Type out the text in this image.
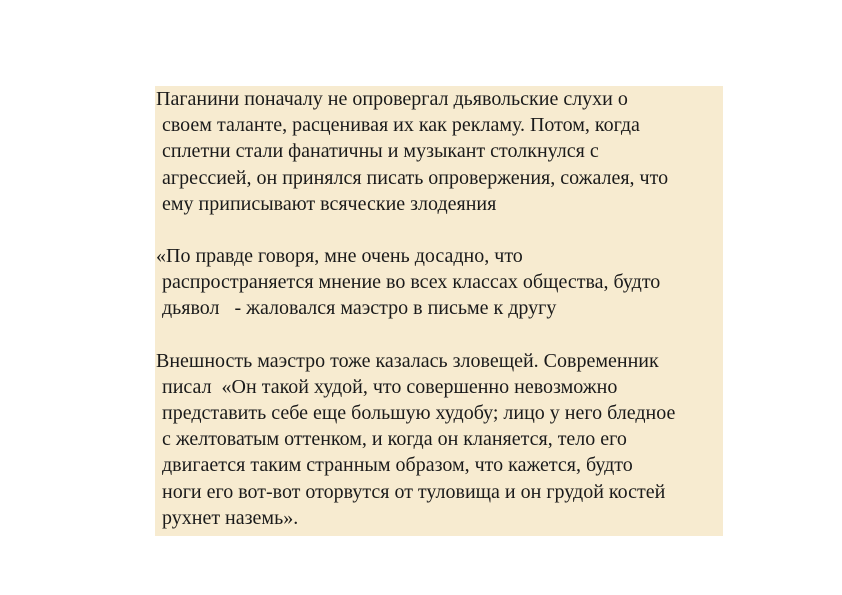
Паганини поначалу не опровергал дьявольские слухи о
своем таланте, расценивая их как рекламу. Потом, когда
сплетни стали фанатичны и музыкант столкнулся с
агрессией, он принялся писать опровержения, сожалея, что
ему приписывают всяческие злодеяния

«По правде говоря, мне очень досадно, что
распространяется мнение во всех классах общества, будто
дьявол   - жаловался маэстро в письме к другу

Внешность маэстро тоже казалась зловещей. Современник
писал  «Он такой худой, что совершенно невозможно
представить себе еще большую худобу; лицо у него бледное
с желтоватым оттенком, и когда он кланяется, тело его
двигается таким странным образом, что кажется, будто
ноги его вот-вот оторвутся от туловища и он грудой костей
рухнет наземь».
